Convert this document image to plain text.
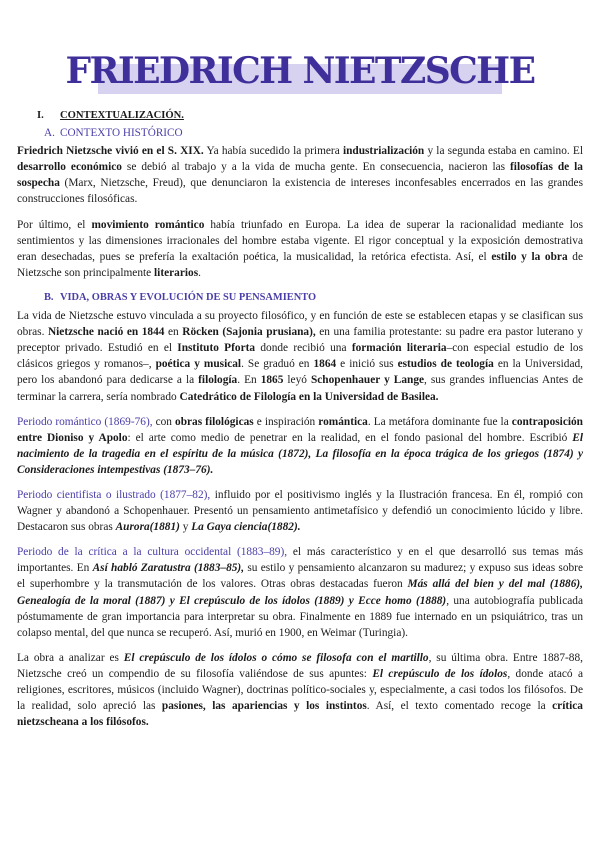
FRIEDRICH NIETZSCHE
I. CONTEXTUALIZACIÓN.
A. CONTEXTO HISTÓRICO

Friedrich Nietzsche vivió en el S. XIX. Ya había sucedido la primera industrialización y la segunda estaba en camino. El desarrollo económico se debió al trabajo y a la vida de mucha gente. En consecuencia, nacieron las filosofías de la sospecha (Marx, Nietzsche, Freud), que denunciaron la existencia de intereses inconfesables encerrados en las grandes construcciones filosóficas.

Por último, el movimiento romántico había triunfado en Europa. La idea de superar la racionalidad mediante los sentimientos y las dimensiones irracionales del hombre estaba vigente. El rigor conceptual y la exposición demostrativa eran desechadas, pues se prefería la exaltación poética, la musicalidad, la retórica efectista. Así, el estilo y la obra de Nietzsche son principalmente literarios.

B. VIDA, OBRAS Y EVOLUCIÓN DE SU PENSAMIENTO

La vida de Nietzsche estuvo vinculada a su proyecto filosófico, y en función de este se establecen etapas y se clasifican sus obras. Nietzsche nació en 1844 en Röcken (Sajonia prusiana), en una familia protestante: su padre era pastor luterano y preceptor privado. Estudió en el Instituto Pforta donde recibió una formación literaria–con especial estudio de los clásicos griegos y romanos–, poética y musical. Se graduó en 1864 e inició sus estudios de teología en la Universidad, pero los abandonó para dedicarse a la filología. En 1865 leyó Schopenhauer y Lange, sus grandes influencias Antes de terminar la carrera, sería nombrado Catedrático de Filología en la Universidad de Basilea.

Periodo romántico (1869-76), con obras filológicas e inspiración romántica. La metáfora dominante fue la contraposición entre Dioniso y Apolo: el arte como medio de penetrar en la realidad, en el fondo pasional del hombre. Escribió El nacimiento de la tragedia en el espíritu de la música (1872), La filosofía en la época trágica de los griegos (1874) y Consideraciones intempestivas (1873–76).

Periodo cientifista o ilustrado (1877–82), influido por el positivismo inglés y la Ilustración francesa. En él, rompió con Wagner y abandonó a Schopenhauer. Presentó un pensamiento antimetafísico y defendió un conocimiento lúcido y libre. Destacaron sus obras Aurora(1881) y La Gaya ciencia(1882).

Periodo de la crítica a la cultura occidental (1883–89), el más característico y en el que desarrolló sus temas más importantes. En Así habló Zaratustra (1883–85), su estilo y pensamiento alcanzaron su madurez; y expuso sus ideas sobre el superhombre y la transmutación de los valores. Otras obras destacadas fueron Más allá del bien y del mal (1886), Genealogía de la moral (1887) y El crepúsculo de los ídolos (1889) y Ecce homo (1888), una autobiografía publicada póstumamente de gran importancia para interpretar su obra. Finalmente en 1889 fue internado en un psiquiátrico, tras un colapso mental, del que nunca se recuperó. Así, murió en 1900, en Weimar (Turingia).

La obra a analizar es El crepúsculo de los ídolos o cómo se filosofa con el martillo, su última obra. Entre 1887-88, Nietzsche creó un compendio de su filosofía valiéndose de sus apuntes: El crepúsculo de los ídolos, donde atacó a religiones, escritores, músicos (incluido Wagner), doctrinas político-sociales y, especialmente, a casi todos los filósofos. De la realidad, solo apreció las pasiones, las apariencias y los instintos. Así, el texto comentado recoge la crítica nietzscheana a los filósofos.
